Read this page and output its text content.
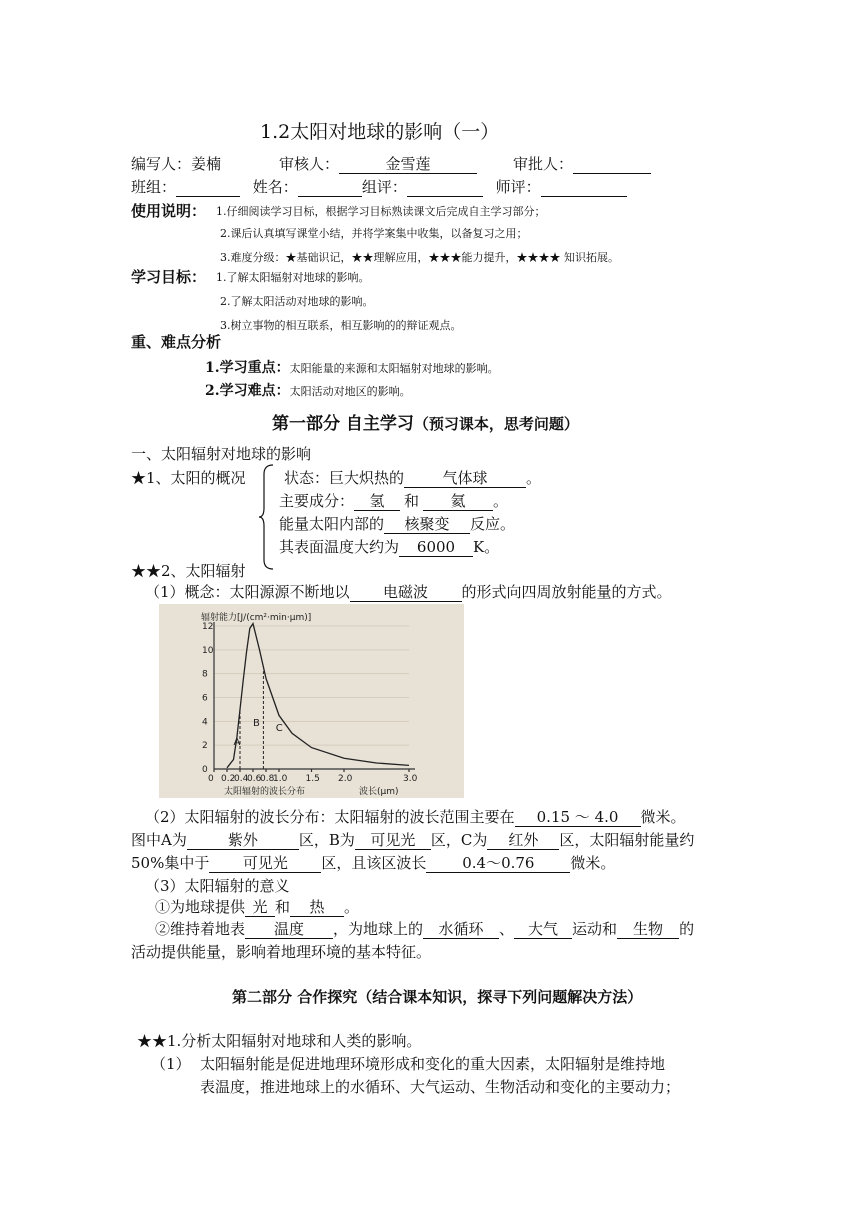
1.2太阳对地球的影响（一）
编写人：姜楠	审核人：	金雪莲	审批人：
班组：	姓名：	组评：	师评：
使用说明： 1.仔细阅读学习目标，根据学习目标熟读课文后完成自主学习部分；
2.课后认真填写课堂小结，并将学案集中收集，以备复习之用；
3.难度分级：★基础识记，★★理解应用，★★★能力提升，★★★★ 知识拓展。
学习目标： 1.了解太阳辐射对地球的影响。
2.了解太阳活动对地球的影响。
3.树立事物的相互联系，相互影响的的辩证观点。
重、难点分析
1.学习重点：太阳能量的来源和太阳辐射对地球的影响。
2.学习难点：太阳活动对地区的影响。
第一部分 自主学习（预习课本，思考问题）
一、太阳辐射对地球的影响
★1、太阳的概况	状态：巨大炽热的	气体球	。
主要成分： 氢 和 氦 。
能量太阳内部的 核聚变 反应。
其表面温度大约为 6000 K。
★★2、太阳辐射
（1）概念：太阳源源不断地以 电磁波 的形式向四周放射能量的方式。
0
2
4
6
8
10
12
0 0.2
0.4
0.6
0.8
1.0 1.5 2.0	3.0
A
B C
辐射能力[J/(cm²·min·μm)]
太阳辐射的波长分布	波长(μm)
（2）太阳辐射的波长分布：太阳辐射的波长范围主要在 0.15 ～ 4.0 微米。
图中A为	紫外	区，B为 可见光 区，C为 红外 区，太阳辐射能量约
50%集中于 可见光 区，且该区波长 0.4～0.76 微米。
（3）太阳辐射的意义
①为地球提供 光 和 热 。
②维持着地表 温度 ，为地球上的 水循环 、 大气 运动和 生物 的
活动提供能量，影响着地理环境的基本特征。
第二部分 合作探究（结合课本知识，探寻下列问题解决方法）
★★1.分析太阳辐射对地球和人类的影响。
（1） 太阳辐射能是促进地理环境形成和变化的重大因素，太阳辐射是维持地
表温度，推进地球上的水循环、大气运动、生物活动和变化的主要动力；
